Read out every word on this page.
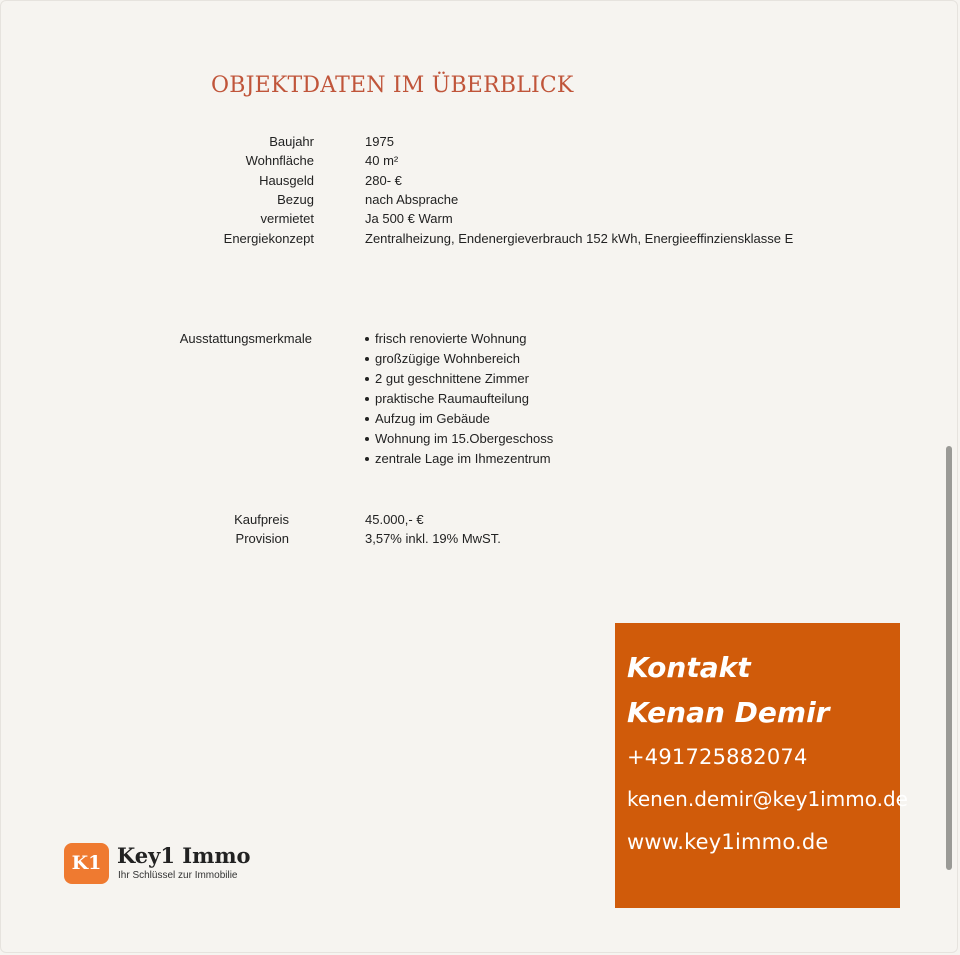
OBJEKTDATEN IM ÜBERBLICK
Baujahr	1975
Wohnfläche	40 m²
Hausgeld	280- €
Bezug	nach Absprache
vermietet	Ja 500 € Warm
Energiekonzept	Zentralheizung, Endenergieverbrauch 152 kWh, Energieeffinziensklasse E
Ausstattungsmerkmale	frisch renovierte Wohnung
großzügige Wohnbereich
2 gut geschnittene Zimmer
praktische Raumaufteilung
Aufzug im Gebäude
Wohnung im 15.Obergeschoss
zentrale Lage im Ihmezentrum
Kaufpreis	45.000,- €
Provision	3,57% inkl. 19% MwST.
Kontakt
Kenan Demir
+491725882074
kenen.demir@key1immo.de
www.key1immo.de
K1 Key1 Immo
Ihr Schlüssel zur Immobilie
